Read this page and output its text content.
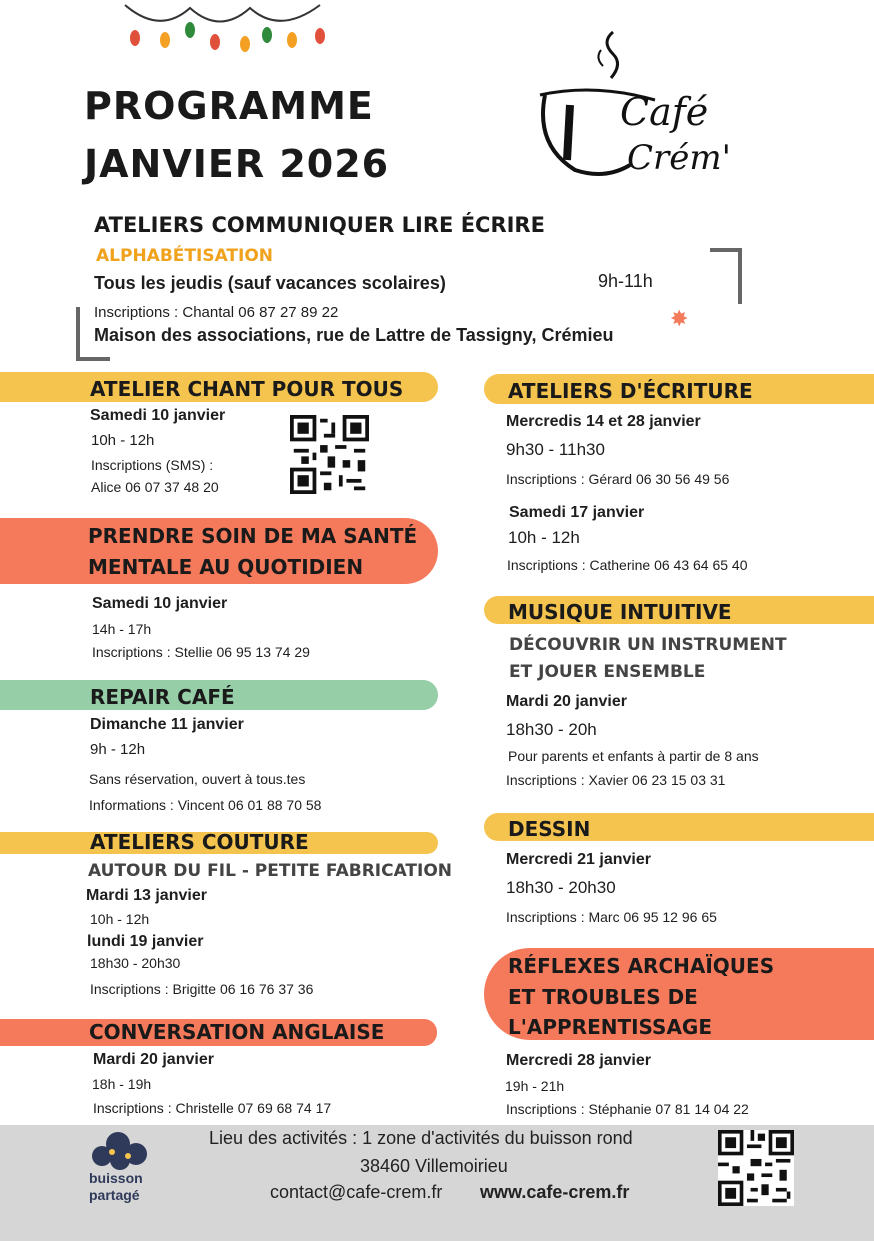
PROGRAMME
JANVIER 2026
Café
Crém'
ATELIERS COMMUNIQUER LIRE ÉCRIRE
ALPHABÉTISATION
Tous les jeudis (sauf vacances scolaires)	9h-11h
Inscriptions : Chantal 06 87 27 89 22
Maison des associations, rue de Lattre de Tassigny, Crémieu
✸
ATELIER CHANT POUR TOUS
Samedi 10 janvier
10h - 12h
Inscriptions (SMS) :
Alice 06 07 37 48 20
PRENDRE SOIN DE MA SANTÉ
MENTALE AU QUOTIDIEN
Samedi 10 janvier
14h - 17h
Inscriptions : Stellie 06 95 13 74 29
REPAIR CAFÉ
Dimanche 11 janvier
9h - 12h
Sans réservation, ouvert à tous.tes
Informations : Vincent 06 01 88 70 58
ATELIERS COUTURE
AUTOUR DU FIL - PETITE FABRICATION
Mardi 13 janvier
10h - 12h
lundi 19 janvier
18h30 - 20h30
Inscriptions : Brigitte 06 16 76 37 36
CONVERSATION ANGLAISE
Mardi 20 janvier
18h - 19h
Inscriptions : Christelle 07 69 68 74 17
ATELIERS D'ÉCRITURE
Mercredis 14 et 28 janvier
9h30 - 11h30
Inscriptions : Gérard 06 30 56 49 56
Samedi 17 janvier
10h - 12h
Inscriptions : Catherine 06 43 64 65 40
MUSIQUE INTUITIVE
DÉCOUVRIR UN INSTRUMENT
ET JOUER ENSEMBLE
Mardi 20 janvier
18h30 - 20h
Pour parents et enfants à partir de 8 ans
Inscriptions : Xavier 06 23 15 03 31
DESSIN
Mercredi 21 janvier
18h30 - 20h30
Inscriptions : Marc 06 95 12 96 65
RÉFLEXES ARCHAÏQUES
ET TROUBLES DE
L'APPRENTISSAGE
Mercredi 28 janvier
19h - 21h
Inscriptions : Stéphanie 07 81 14 04 22
buisson
partagé
Lieu des activités : 1 zone d'activités du buisson rond
38460 Villemoirieu
contact@cafe-crem.fr www.cafe-crem.fr
